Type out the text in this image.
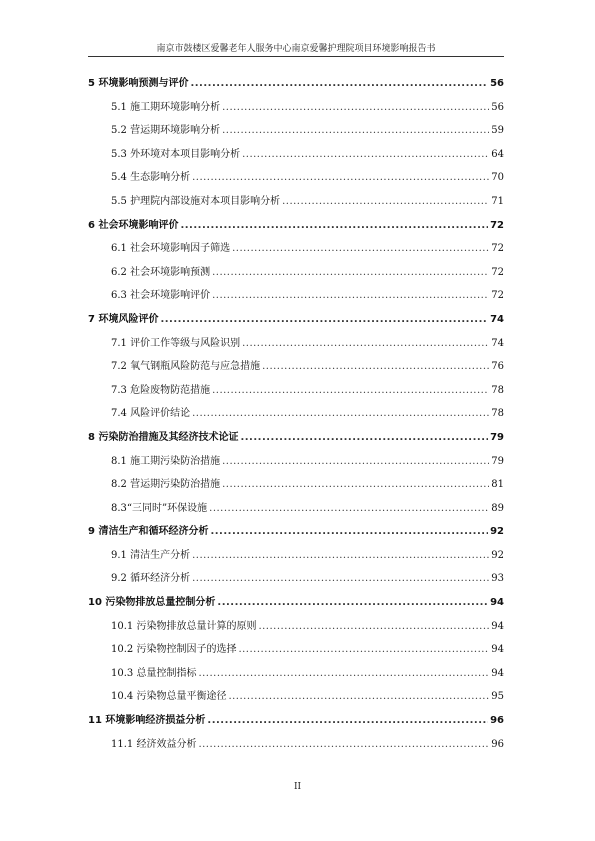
南京市鼓楼区爱馨老年人服务中心南京爱馨护理院项目环境影响报告书
5 环境影响预测与评价 .....	56
5.1 施工期环境影响分析 .....	56
5.2 营运期环境影响分析 .....	59
5.3 外环境对本项目影响分析 .....	64
5.4 生态影响分析 .....	70
5.5 护理院内部设施对本项目影响分析 .....	71
6 社会环境影响评价 .....	72
6.1 社会环境影响因子筛选 .....	72
6.2 社会环境影响预测 .....	72
6.3 社会环境影响评价 .....	72
7 环境风险评价 .....	74
7.1 评价工作等级与风险识别 .....	74
7.2 氧气钢瓶风险防范与应急措施 .....	76
7.3 危险废物防范措施 .....	78
7.4 风险评价结论 .....	78
8 污染防治措施及其经济技术论证 .....	79
8.1 施工期污染防治措施 .....	79
8.2 营运期污染防治措施 .....	81
8.3“三同时”环保设施 .....	89
9 清洁生产和循环经济分析 .....	92
9.1 清洁生产分析 .....	92
9.2 循环经济分析 .....	93
10 污染物排放总量控制分析 .....	94
10.1 污染物排放总量计算的原则 .....	94
10.2 污染物控制因子的选择 .....	94
10.3 总量控制指标 .....	94
10.4 污染物总量平衡途径 .....	95
11 环境影响经济损益分析 .....	96
11.1 经济效益分析 .....	96
II
